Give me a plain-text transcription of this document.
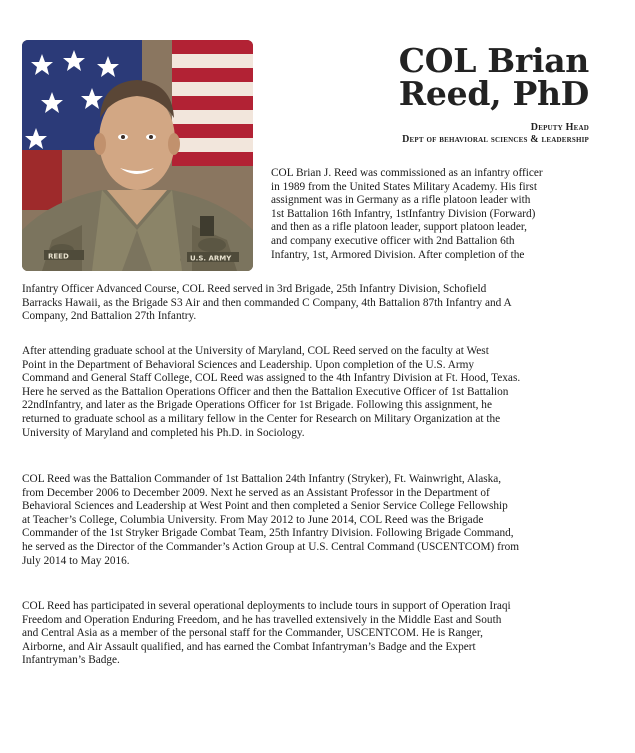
REED	U.S. ARMY
COL Brian
Reed, PhD
Deputy Head
Dept of behavioral sciences & leadership
COL Brian J. Reed was commissioned as an infantry officer
in 1989 from the United States Military Academy. His first
assignment was in Germany as a rifle platoon leader with
1st Battalion 16th Infantry, 1stInfantry Division (Forward)
and then as a rifle platoon leader, support platoon leader,
and company executive officer with 2nd Battalion 6th
Infantry, 1st, Armored Division. After completion of the
Infantry Officer Advanced Course, COL Reed served in 3rd Brigade, 25th Infantry Division, Schofield
Barracks Hawaii, as the Brigade S3 Air and then commanded C Company, 4th Battalion 87th Infantry and A
Company, 2nd Battalion 27th Infantry.
After attending graduate school at the University of Maryland, COL Reed served on the faculty at West
Point in the Department of Behavioral Sciences and Leadership. Upon completion of the U.S. Army
Command and General Staff College, COL Reed was assigned to the 4th Infantry Division at Ft. Hood, Texas.
Here he served as the Battalion Operations Officer and then the Battalion Executive Officer of 1st Battalion
22ndInfantry, and later as the Brigade Operations Officer for 1st Brigade. Following this assignment, he
returned to graduate school as a military fellow in the Center for Research on Military Organization at the
University of Maryland and completed his Ph.D. in Sociology.
COL Reed was the Battalion Commander of 1st Battalion 24th Infantry (Stryker), Ft. Wainwright, Alaska,
from December 2006 to December 2009. Next he served as an Assistant Professor in the Department of
Behavioral Sciences and Leadership at West Point and then completed a Senior Service College Fellowship
at Teacher’s College, Columbia University. From May 2012 to June 2014, COL Reed was the Brigade
Commander of the 1st Stryker Brigade Combat Team, 25th Infantry Division. Following Brigade Command,
he served as the Director of the Commander’s Action Group at U.S. Central Command (USCENTCOM) from
July 2014 to May 2016.
COL Reed has participated in several operational deployments to include tours in support of Operation Iraqi
Freedom and Operation Enduring Freedom, and he has travelled extensively in the Middle East and South
and Central Asia as a member of the personal staff for the Commander, USCENTCOM. He is Ranger,
Airborne, and Air Assault qualified, and has earned the Combat Infantryman’s Badge and the Expert
Infantryman’s Badge.
